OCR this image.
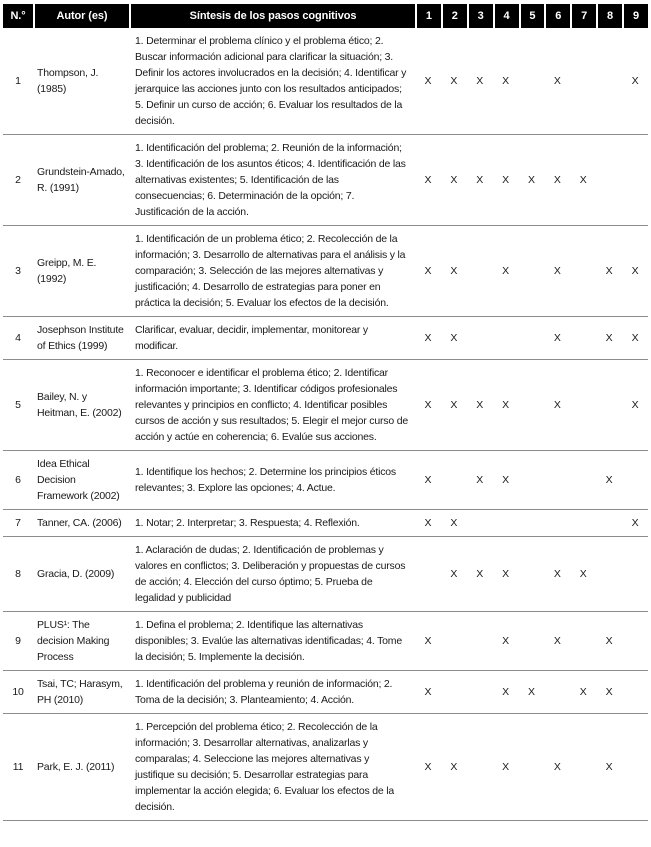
N.°	Autor (es)	Síntesis de los pasos cognitivos	1	2	3	4	5	6	7	8	9
1	Thompson, J. (1985)	1. Determinar el problema clínico y el problema ético; 2. Buscar información adicional para clarificar la situación; 3. Definir los actores involucrados en la decisión; 4. Identificar y jerarquice las acciones junto con los resultados anticipados; 5. Definir un curso de acción; 6. Evaluar los resultados de la decisión.	X	X	X	X		X			X
2	Grundstein-Amado, R. (1991)	1. Identificación del problema; 2. Reunión de la información; 3. Identificación de los asuntos éticos; 4. Identificación de las alternativas existentes; 5. Identificación de las consecuencias; 6. Determinación de la opción; 7. Justificación de la acción.	X	X	X	X	X	X	X		
3	Greipp, M. E. (1992)	1. Identificación de un problema ético; 2. Recolección de la información; 3. Desarrollo de alternativas para el análisis y la comparación; 3. Selección de las mejores alternativas y justificación; 4. Desarrollo de estrategias para poner en práctica la decisión; 5. Evaluar los efectos de la decisión.	X	X		X		X		X	X
4	Josephson Institute of Ethics (1999)	Clarificar, evaluar, decidir, implementar, monitorear y modificar.	X	X				X		X	X
5	Bailey, N. y Heitman, E. (2002)	1. Reconocer e identificar el problema ético; 2. Identificar información importante; 3. Identificar códigos profesionales relevantes y principios en conflicto; 4. Identificar posibles cursos de acción y sus resultados; 5. Elegir el mejor curso de acción y actúe en coherencia; 6. Evalúe sus acciones.	X	X	X	X		X			X
6	Idea Ethical Decision Framework (2002)	1. Identifique los hechos; 2. Determine los principios éticos relevantes; 3. Explore las opciones; 4. Actue.	X		X	X				X	
7	Tanner, CA. (2006)	1. Notar; 2. Interpretar; 3. Respuesta; 4. Reflexión.	X	X							X
8	Gracia, D. (2009)	1. Aclaración de dudas; 2. Identificación de problemas y valores en conflictos; 3. Deliberación y propuestas de cursos de acción; 4. Elección del curso óptimo; 5. Prueba de legalidad y publicidad		X	X	X		X	X		
9	PLUS¹: The decision Making Process	1. Defina el problema; 2. Identifique las alternativas disponibles; 3. Evalúe las alternativas identificadas; 4. Tome la decisión; 5. Implemente la decisión.	X			X		X		X	
10	Tsai, TC; Harasym, PH (2010)	1. Identificación del problema y reunión de información; 2. Toma de la decisión; 3. Planteamiento; 4. Acción.	X			X	X		X	X	
11	Park, E. J. (2011)	1. Percepción del problema ético; 2. Recolección de la información; 3. Desarrollar alternativas, analizarlas y comparalas; 4. Seleccione las mejores alternativas y justifique su decisión; 5. Desarrollar estrategias para implementar la acción elegida; 6. Evaluar los efectos de la decisión.	X	X		X		X		X	
